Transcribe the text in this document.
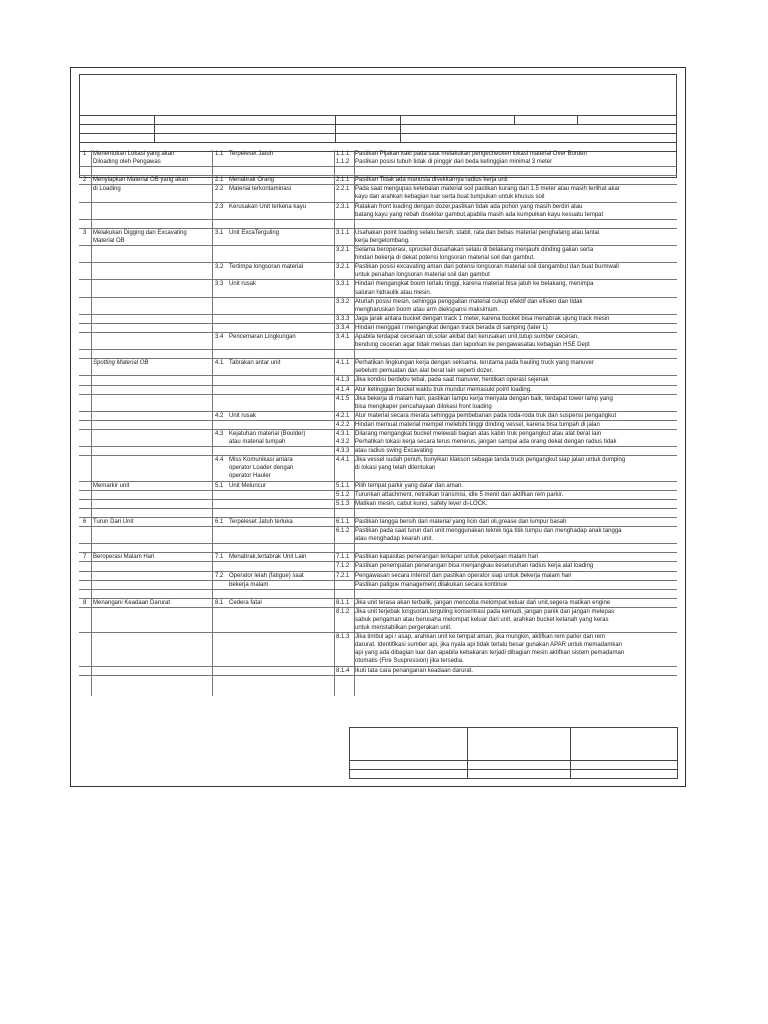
1	Menentukan Lokasi yang akan	1.1 Terpeleset Jatuh	1.1.1 Pastikan Pijakan kaki pada saat melakukan pengechecken lokasi material Over Borden
Diloading oleh Pengawas	1.1.2 Pastikan posisi tubuh tidak di pinggir dari beda ketinggian minimal 3 meter
2	Menyiapkan Material OB yang akan	2.1 Menabrak Orang	2.1.1 Pastikan Tidak ada manusia disekitarnya radius kerja unit
di Loading	2.2 Material terkontaminasi	2.2.1 Pada saat mengupas ketebalan material soil pastikan kurang dari 1.5 meter atau masih terlihat akar
kayu dan arahkan kebagian luar serta buat tumpukan untuk khusus soil
2.3 Kerusakan Unit terkena kayu	2.3.1 Ratakan front loading dengan dozer,pastikan tidak ada pohon yang masih berdiri atau
batang kayu yang rebah disekitar gambut,apabila masih ada kumpulkan kayu kesuatu tempat
3	Melakukan Digging dan Excavating	3.1 Unit ExcaTerguling	3.1.1 Usahakan point loading selalu bersih, stabil, rata dan bebas material penghalang atau lantai
Material OB	kerja bergelombang.
3.2.1 Selama beroperasi, sprocket diusahakan selalu di belakang menjauhi dinding galian serta
hindari bekerja di dekat potensi longsoran material soil dan gambut.
3.2 Tertimpa longsoran material	3.2.1 Pastikan posisi excavating aman dari potensi longsoran material soil dangambut dan buat burmwall
untuk penahan longsoran material soil dan gambut
3.3 Unit rusak	3.3.1 Hindari mengangkat boom terlalu tinggi, karena material bisa jatuh ke belakang, menimpa
saluran hidraulik atau mesin.
3.3.2 Aturlah posisi mesin, sehingga penggalian material cukup efektif dan efisien dan tidak
mengharuskan boom atau arm diekspansi maksimum.
3.3.3 Jaga jarak antara bucket dengan track 1 meter, karena bucket bisa menabrak ujung track mesin
3.3.4 Hindari menggali / mengangkat dengan track berada di samping (later L)
3.4 Pencemaran Lingkungan	3.4.1 Apabila terdapat ceceraan oli,solar akibat dari kerusakan unit,tutup sumber ceceran,
bendung ceceran agar tidak meluas dan laporkan ke pengawasatau kebagian HSE Dept
Spotting Material OB	4.1 Tabrakan antar unit	4.1.1 Perhatikan lingkungan kerja dengan seksama, terutama pada hauling truck yang manuver
sebelum pemuatan dan alat berat lain seperti dozer.
4.1.3 Jika kondisi berdebu tebal, pada saat manuver, hentikan operasi sejenak
4.1.4 Atur ketinggian bucket waktu truk mundur memasuki point loading.
4.1.5 Jika bekerja di malam hari, pastikan lampu kerja menyala dengan baik, terdapat tower lamp yang
bisa mengkaper pencahayaan dilokasi front loading
4.2 Unit rusak	4.2.1 Atur material secara merata sehingga pembebanan pada roda-roda truk dan suspensi pengangkut
4.2.2 Hindari memuat material mempel melebihi tinggi dinding vessel, karena bisa tumpah di jalan
4.3 Kejatuhan material (Boulder)	4.3.1 Dilarang mengangkat bucket melewati bagian atas kabin truk pengangkut atau alat berat lain
atau material tumpah	4.3.2 Perhatikan lokasi kerja secara terus menerus, jangan sampai ada orang dekat dengan radius tidak
4.3.3 atau radius swing Excavating
4.4 Miss Komunikasi antara	4.4.1 Jika vessel sudah penuh, bunyikan klakson sebagai tanda truck pengangkut siap jalan untuk dumping
operator Loader dengan	di lokasi yang telah ditentukan
operator Hauler
Memarkir unit	5.1 Unit Meluncur	5.1.1 Pilih tempat parkir yang datar dan aman.
5.1.2 Turunkan attachment, netralkan transmisi, idle 5 menit dan aktifkan rem parkir.
5.1.3 Matikan mesin, cabut kunci, safety lever di-LOCK.
6	Turun Dari Unit	6.1 Terpeleset Jatuh terluka	6.1.1 Pastikan tangga bersih dari material yang licin dari oli,grease dan lumpur basah
6.1.2 Pastikan pada saat turun dari unit menggunakan teknik tiga titik tumpu dan menghadap anak tangga
atau menghadap kearah unit.
7	Beroperasi Malam Hari	7.1 Menabrak,tertabrak Unit Lain	7.1.1 Pastikan kapasitas penerangan terkaper untuk pekerjaan malam hari
7.1.2 Pastikan penempatan penerangan bisa menjangkau keseluruhan radius kerja alat loading
7.2 Operator lelah (fatigue) saat	7.2.1 Pengawasan secara intensif dan pastikan operator siap untuk bekerja malam hari
bekerja malam	Pastikan patigue management dilakukan secara kontinue
8	Menangani Keadaan Darurat	8.1 Cedera fatal	8.1.1 Jika unit terasa akan terbalik, jangan mencoba melompat keluar dari unit,segera matikan engine
8.1.2 Jika unit terjebak longsoran,terguling konsentrasi pada kemudi, jangan panik dan jangan melepas
sabuk pengaman atau berusaha melompat keluar dari unit, arahkan bucket ketanah yang keras
untuk menstabilkan pergerakan unit.
8.1.3 Jika timbul api / asap, arahkan unit ke tempat aman, jika mungkin, aktifkan rem parkir dan rem
darurat. Identifikasi sumber api, jika nyala api tidak terlalu besar gunakan APAR untuk memadamkan
api yang ada dibagian luar dan apabila kebakaran terjadi dibagian mesin aktifkan sistem pemadaman
otomatis (Fire Suspression) jika tersedia.
8.1.4 Ikuti tata cara penanganan keadaan darurat.
